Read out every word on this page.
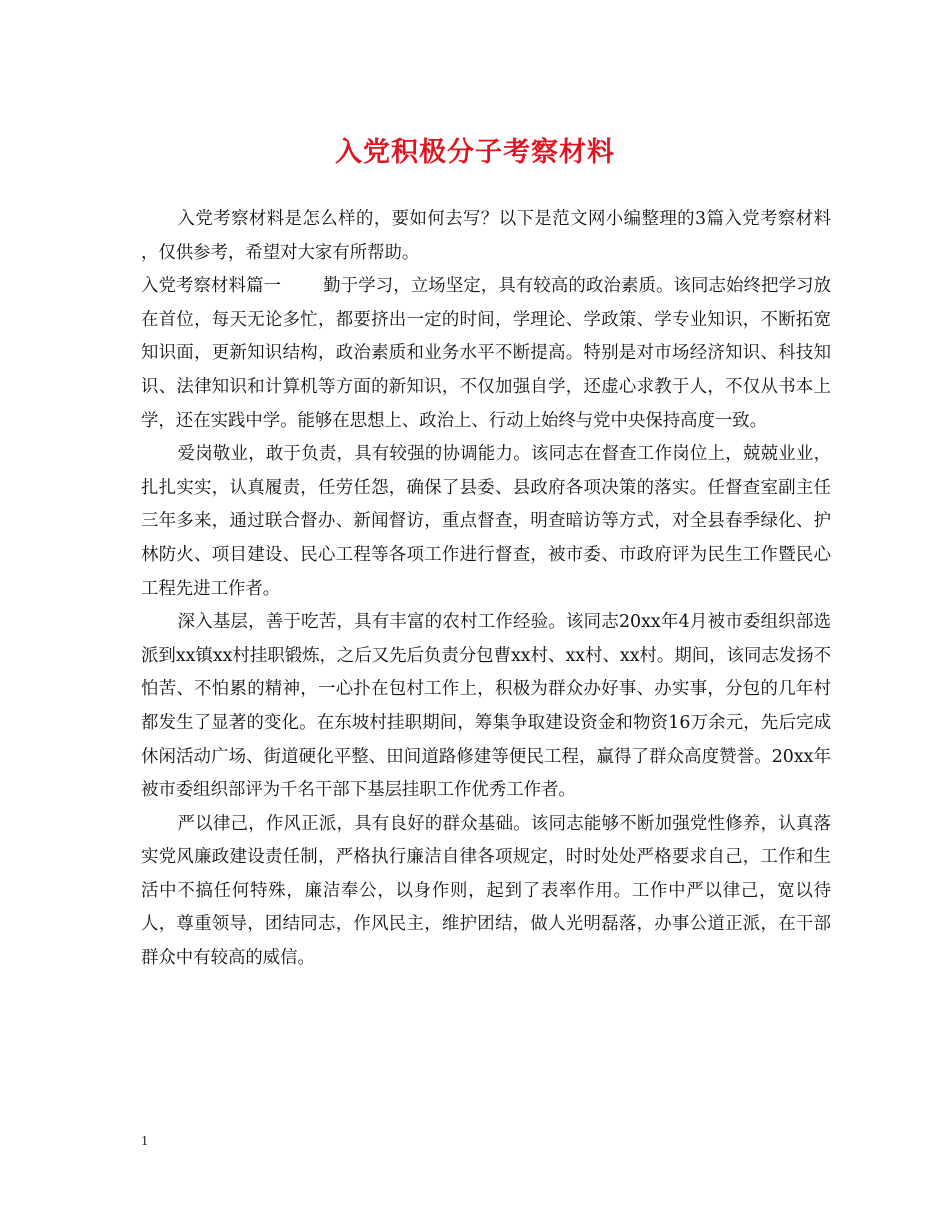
入党积极分子考察材料

入党考察材料是怎么样的，要如何去写？以下是范文网小编整理的3篇入党考察材料 ，仅供参考，希望对大家有所帮助。

入党考察材料篇一 勤于学习，立场坚定，具有较高的政治素质。该同志始终把学习放在首位，每天无论多忙，都要挤出一定的时间，学理论、学政策、学专业知识，不断拓宽知识面，更新知识结构，政治素质和业务水平不断提高。特别是对市场经济知识、科技知识、法律知识和计算机等方面的新知识，不仅加强自学，还虚心求教于人，不仅从书本上学，还在实践中学。能够在思想上、政治上、行动上始终与党中央保持高度一致。

爱岗敬业，敢于负责，具有较强的协调能力。该同志在督查工作岗位上，兢兢业业，扎扎实实，认真履责，任劳任怨，确保了县委、县政府各项决策的落实。任督查室副主任三年多来，通过联合督办、新闻督访，重点督查，明查暗访等方式，对全县春季绿化、护林防火、项目建设、民心工程等各项工作进行督查，被市委、市政府评为民生工作暨民心工程先进工作者。

深入基层，善于吃苦，具有丰富的农村工作经验。该同志20xx年4月被市委组织部选派到xx镇xx村挂职锻炼，之后又先后负责分包曹xx村、xx村、xx村。期间，该同志发扬不怕苦、不怕累的精神，一心扑在包村工作上，积极为群众办好事、办实事，分包的几年村都发生了显著的变化。在东坡村挂职期间，筹集争取建设资金和物资16万余元，先后完成休闲活动广场、街道硬化平整、田间道路修建等便民工程，赢得了群众高度赞誉。20xx年被市委组织部评为千名干部下基层挂职工作优秀工作者。

严以律己，作风正派，具有良好的群众基础。该同志能够不断加强党性修养，认真落实党风廉政建设责任制，严格执行廉洁自律各项规定，时时处处严格要求自己，工作和生活中不搞任何特殊，廉洁奉公，以身作则，起到了表率作用。工作中严以律己，宽以待人，尊重领导，团结同志，作风民主，维护团结，做人光明磊落，办事公道正派，在干部群众中有较高的威信。

1
